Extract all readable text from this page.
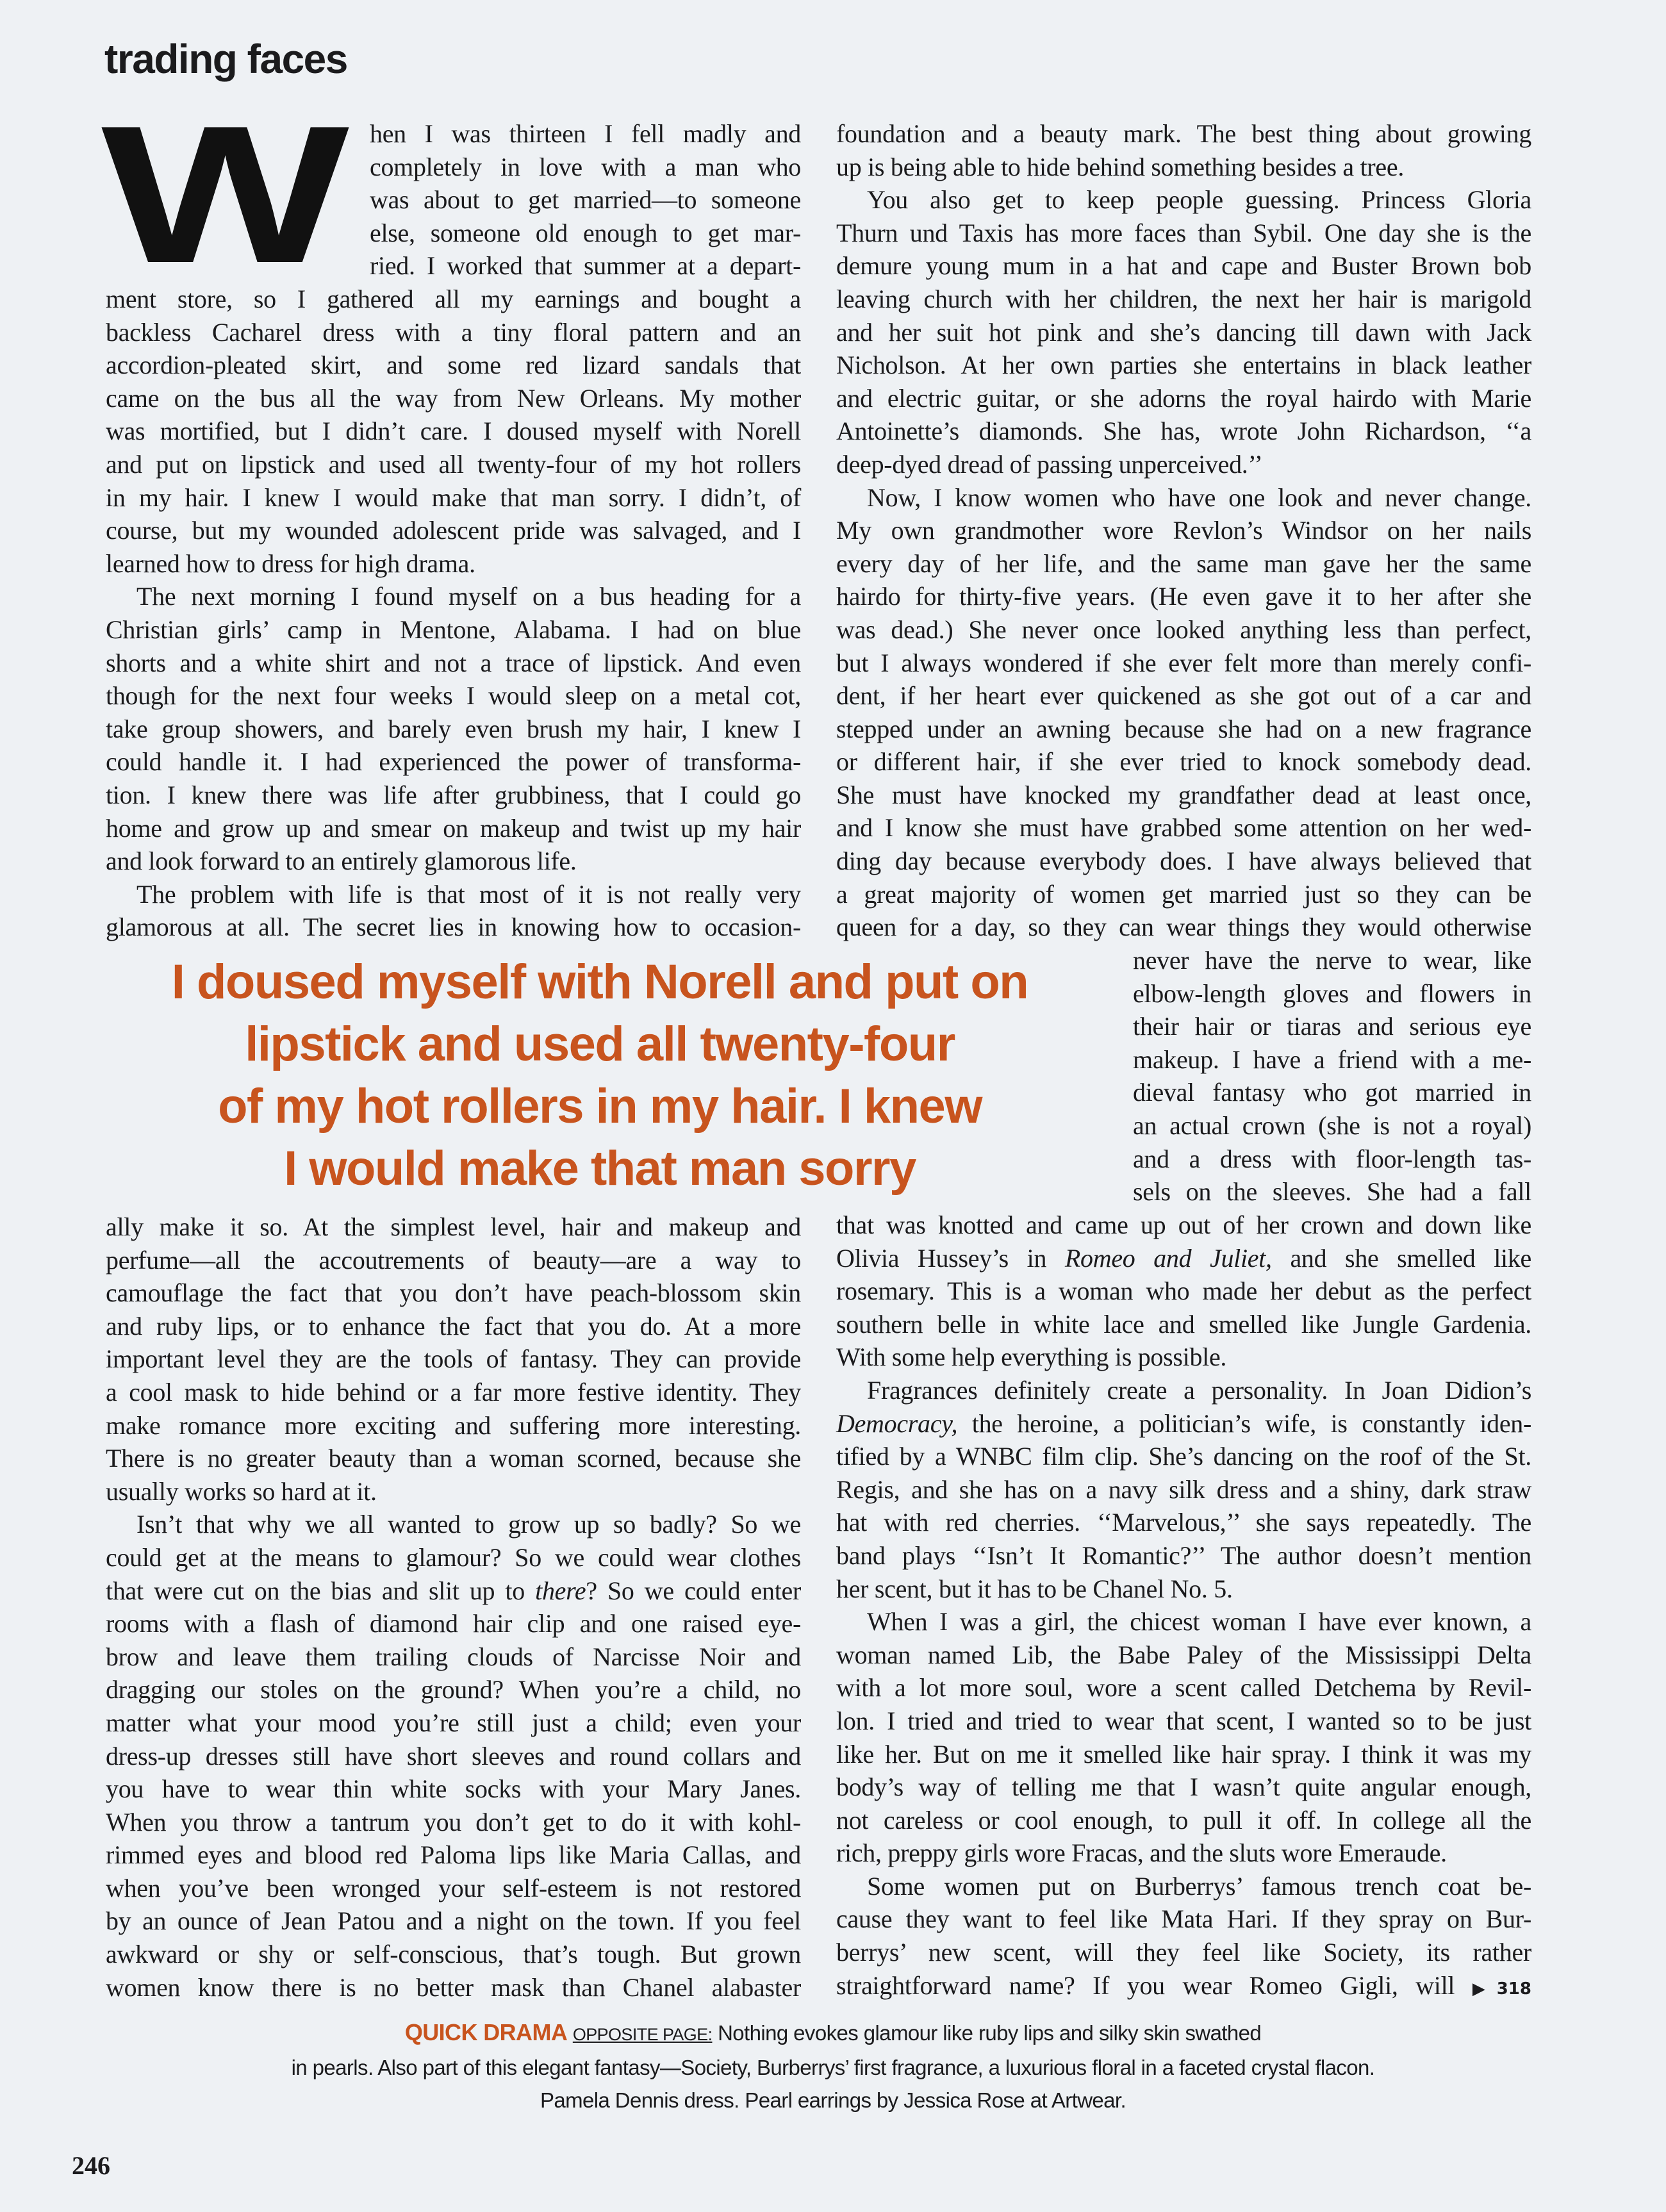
trading faces
W hen I was thirteen I fell madly and
completely in love with a man who
was about to get married—to someone
else, someone old enough to get mar-
ried. I worked that summer at a depart-
ment store, so I gathered all my earnings and bought a
backless Cacharel dress with a tiny floral pattern and an
accordion-pleated skirt, and some red lizard sandals that
came on the bus all the way from New Orleans. My mother
was mortified, but I didn’t care. I doused myself with Norell
and put on lipstick and used all twenty-four of my hot rollers
in my hair. I knew I would make that man sorry. I didn’t, of
course, but my wounded adolescent pride was salvaged, and I
learned how to dress for high drama.
The next morning I found myself on a bus heading for a
Christian girls’ camp in Mentone, Alabama. I had on blue
shorts and a white shirt and not a trace of lipstick. And even
though for the next four weeks I would sleep on a metal cot,
take group showers, and barely even brush my hair, I knew I
could handle it. I had experienced the power of transforma-
tion. I knew there was life after grubbiness, that I could go
home and grow up and smear on makeup and twist up my hair
and look forward to an entirely glamorous life.
The problem with life is that most of it is not really very
glamorous at all. The secret lies in knowing how to occasion-
ally make it so. At the simplest level, hair and makeup and
perfume—all the accoutrements of beauty—are a way to
camouflage the fact that you don’t have peach-blossom skin
and ruby lips, or to enhance the fact that you do. At a more
important level they are the tools of fantasy. They can provide
a cool mask to hide behind or a far more festive identity. They
make romance more exciting and suffering more interesting.
There is no greater beauty than a woman scorned, because she
usually works so hard at it.
Isn’t that why we all wanted to grow up so badly? So we
could get at the means to glamour? So we could wear clothes
that were cut on the bias and slit up to there? So we could enter
rooms with a flash of diamond hair clip and one raised eye-
brow and leave them trailing clouds of Narcisse Noir and
dragging our stoles on the ground? When you’re a child, no
matter what your mood you’re still just a child; even your
dress-up dresses still have short sleeves and round collars and
you have to wear thin white socks with your Mary Janes.
When you throw a tantrum you don’t get to do it with kohl-
rimmed eyes and blood red Paloma lips like Maria Callas, and
when you’ve been wronged your self-esteem is not restored
by an ounce of Jean Patou and a night on the town. If you feel
awkward or shy or self-conscious, that’s tough. But grown
women know there is no better mask than Chanel alabaster
foundation and a beauty mark. The best thing about growing
up is being able to hide behind something besides a tree.
You also get to keep people guessing. Princess Gloria
Thurn und Taxis has more faces than Sybil. One day she is the
demure young mum in a hat and cape and Buster Brown bob
leaving church with her children, the next her hair is marigold
and her suit hot pink and she’s dancing till dawn with Jack
Nicholson. At her own parties she entertains in black leather
and electric guitar, or she adorns the royal hairdo with Marie
Antoinette’s diamonds. She has, wrote John Richardson, ‘‘a
deep-dyed dread of passing unperceived.’’
Now, I know women who have one look and never change.
My own grandmother wore Revlon’s Windsor on her nails
every day of her life, and the same man gave her the same
hairdo for thirty-five years. (He even gave it to her after she
was dead.) She never once looked anything less than perfect,
but I always wondered if she ever felt more than merely confi-
dent, if her heart ever quickened as she got out of a car and
stepped under an awning because she had on a new fragrance
or different hair, if she ever tried to knock somebody dead.
She must have knocked my grandfather dead at least once,
and I know she must have grabbed some attention on her wed-
ding day because everybody does. I have always believed that
a great majority of women get married just so they can be
queen for a day, so they can wear things they would otherwise
never have the nerve to wear, like
elbow-length gloves and flowers in
their hair or tiaras and serious eye
makeup. I have a friend with a me-
dieval fantasy who got married in
an actual crown (she is not a royal)
and a dress with floor-length tas-
sels on the sleeves. She had a fall
that was knotted and came up out of her crown and down like
Olivia Hussey’s in Romeo and Juliet, and she smelled like
rosemary. This is a woman who made her debut as the perfect
southern belle in white lace and smelled like Jungle Gardenia.
With some help everything is possible.
Fragrances definitely create a personality. In Joan Didion’s
Democracy, the heroine, a politician’s wife, is constantly iden-
tified by a WNBC film clip. She’s dancing on the roof of the St.
Regis, and she has on a navy silk dress and a shiny, dark straw
hat with red cherries. ‘‘Marvelous,’’ she says repeatedly. The
band plays ‘‘Isn’t It Romantic?’’ The author doesn’t mention
her scent, but it has to be Chanel No. 5.
When I was a girl, the chicest woman I have ever known, a
woman named Lib, the Babe Paley of the Mississippi Delta
with a lot more soul, wore a scent called Detchema by Revil-
lon. I tried and tried to wear that scent, I wanted so to be just
like her. But on me it smelled like hair spray. I think it was my
body’s way of telling me that I wasn’t quite angular enough,
not careless or cool enough, to pull it off. In college all the
rich, preppy girls wore Fracas, and the sluts wore Emeraude.
Some women put on Burberrys’ famous trench coat be-
cause they want to feel like Mata Hari. If they spray on Bur-
berrys’ new scent, will they feel like Society, its rather
straightforward name? If you wear Romeo Gigli, will ▶318
I doused myself with Norell and put on
lipstick and used all twenty-four
of my hot rollers in my hair. I knew
I would make that man sorry
QUICK DRAMA OPPOSITE PAGE: Nothing evokes glamour like ruby lips and silky skin swathed
in pearls. Also part of this elegant fantasy—Society, Burberrys’ first fragrance, a luxurious floral in a faceted crystal flacon.
Pamela Dennis dress. Pearl earrings by Jessica Rose at Artwear.
246
